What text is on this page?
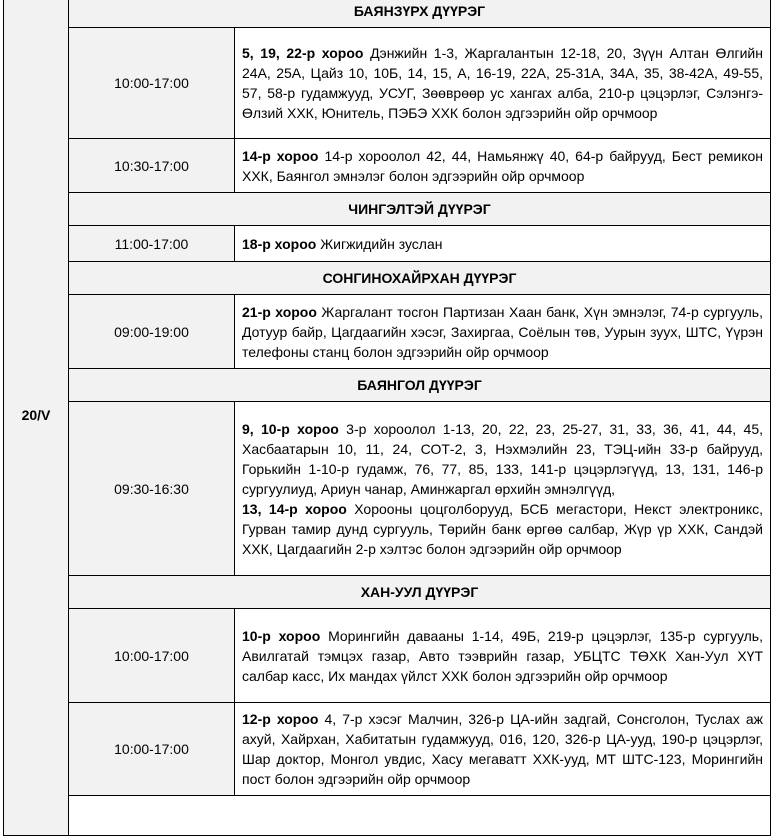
20/V	БАЯНЗҮРХ ДҮҮРЭГ	
	10:00-17:00	5, 19, 22-р хороо Дэнжийн 1-3, Жаргалантын 12-18, 20, Зүүн Алтан Өлгийн 24А, 25А, Цайз 10, 10Б, 14, 15, А, 16-19, 22А, 25-31А, 34А, 35, 38-42А, 49-55, 57, 58-р гудамжууд, УСУГ, Зөөврөөр ус хангах алба, 210-р цэцэрлэг, Сэлэнгэ-Өлзий ХХК, Юнитель, ПЭБЭ ХХК болон эдгээрийн ойр орчмоор

	10:30-17:00	14-р хороо 14-р хороолол 42, 44, Намьянжү 40, 64-р байрууд, Бест ремикон ХХК, Баянгол эмнэлэг болон эдгээрийн ойр орчмоор

	ЧИНГЭЛТЭЙ ДҮҮРЭГ	
	11:00-17:00	18-р хороо Жигжидийн зуслан

	СОНГИНОХАЙРХАН ДҮҮРЭГ	
	09:00-19:00	21-р хороо Жаргалант тосгон Партизан Хаан банк, Хүн эмнэлэг, 74-р сургууль, Дотуур байр, Цагдаагийн хэсэг, Захиргаа, Соёлын төв, Уурын зуух, ШТС, Үүрэн телефоны станц болон эдгээрийн ойр орчмоор

	БАЯНГОЛ ДҮҮРЭГ	
	09:30-16:30	9, 10-р хороо 3-р хороолол 1-13, 20, 22, 23, 25-27, 31, 33, 36, 41, 44, 45, Хасбаатарын 10, 11, 24, СОТ-2, 3, Нэхмэлийн 23, ТЭЦ-ийн 33-р байрууд, Горькийн 1-10-р гудамж, 76, 77, 85, 133, 141-р цэцэрлэгүүд, 13, 131, 146-р сургуулиуд, Ариун чанар, Аминжаргал өрхийн эмнэлгүүд,

13, 14-р хороо Хорооны цоцголборууд, БСБ мегастори, Некст электроникс, Гурван тамир дунд сургууль, Төрийн банк өргөө салбар, Жүр үр ХХК, Сандэй ХХК, Цагдаагийн 2-р хэлтэс болон эдгээрийн ойр орчмоор

	ХАН-УУЛ ДҮҮРЭГ	
	10:00-17:00	10-р хороо Морингийн давааны 1-14, 49Б, 219-р цэцэрлэг, 135-р сургууль, Авилгатай тэмцэх газар, Авто тээврийн газар, УБЦТС ТӨХК Хан-Уул ХҮТ салбар касс, Их мандах үйлст ХХК болон эдгээрийн ойр орчмоор

	10:00-17:00	12-р хороо 4, 7-р хэсэг Малчин, 326-р ЦА-ийн задгай, Сонсголон, Туслах аж ахуй, Хайрхан, Хабитатын гудамжууд, 016, 120, 326-р ЦА-ууд, 190-р цэцэрлэг, Шар доктор, Монгол увдис, Хасу мегаватт ХХК-ууд, МТ ШТС-123, Морингийн пост болон эдгээрийн ойр орчмоор
